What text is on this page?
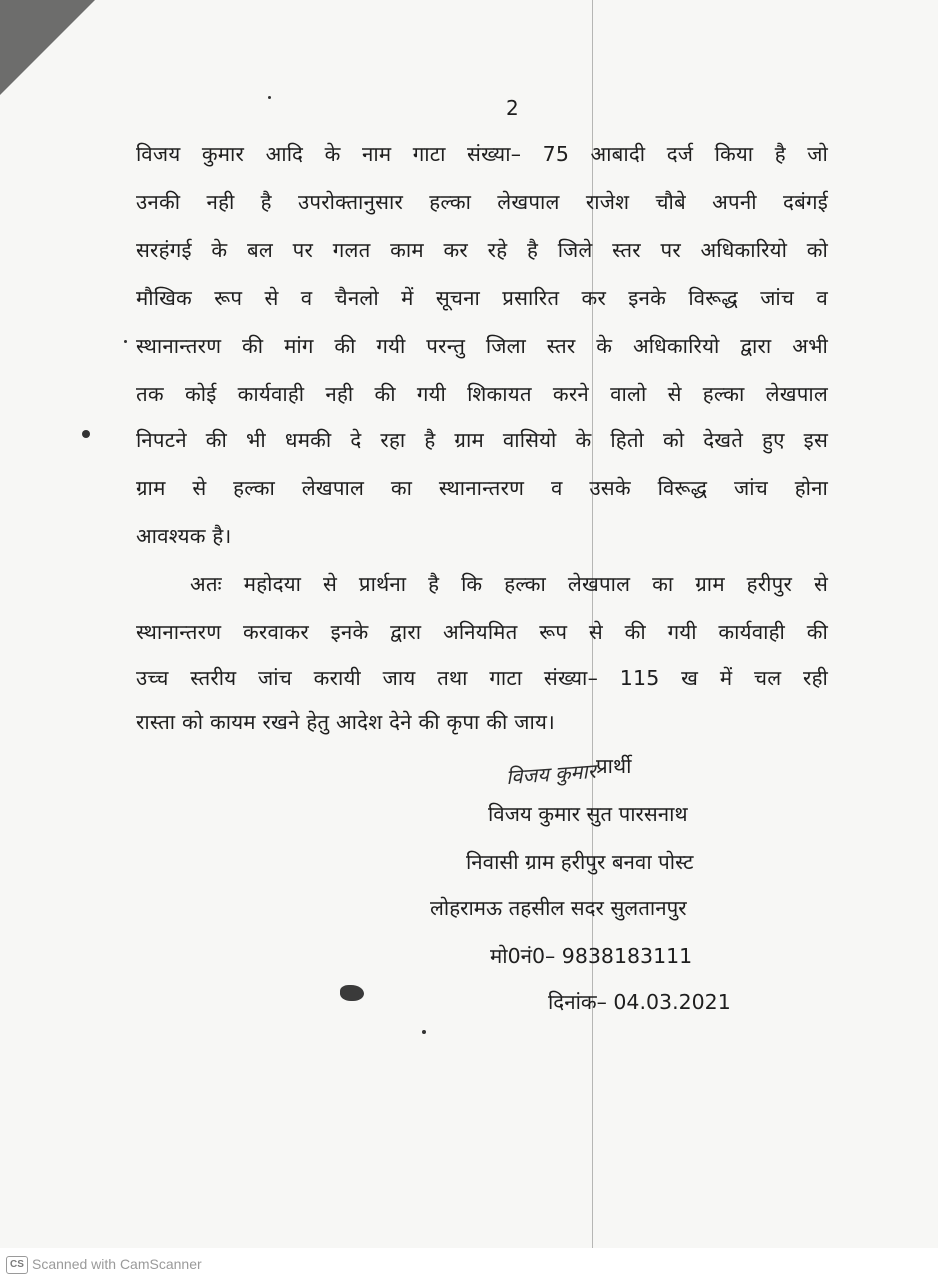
2
विजय कुमार आदि के नाम गाटा संख्या– 75 आबादी दर्ज किया है जो
उनकी नही है उपरोक्तानुसार हल्का लेखपाल राजेश चौबे अपनी दबंगई
सरहंगई के बल पर गलत काम कर रहे है जिले स्तर पर अधिकारियो को
मौखिक रूप से व चैनलो में सूचना प्रसारित कर इनके विरूद्ध जांच व
स्थानान्तरण की मांग की गयी परन्तु जिला स्तर के अधिकारियो द्वारा अभी
तक कोई कार्यवाही नही की गयी शिकायत करने वालो से हल्का लेखपाल
निपटने की भी धमकी दे रहा है ग्राम वासियो के हितो को देखते हुए इस
ग्राम से हल्का लेखपाल का स्थानान्तरण व उसके विरूद्ध जांच होना
आवश्यक है।
अतः महोदया से प्रार्थना है कि हल्का लेखपाल का ग्राम हरीपुर से
स्थानान्तरण करवाकर इनके द्वारा अनियमित रूप से की गयी कार्यवाही की
उच्च स्तरीय जांच करायी जाय तथा गाटा संख्या– 115 ख में चल रही
रास्ता को कायम रखने हेतु आदेश देने की कृपा की जाय।
प्रार्थी
विजय कुमार
विजय कुमार सुत पारसनाथ
निवासी ग्राम हरीपुर बनवा पोस्ट
लोहरामऊ तहसील सदर सुलतानपुर
मो0नं0– 9838183111
दिनांक– 04.03.2021
CS Scanned with CamScanner
